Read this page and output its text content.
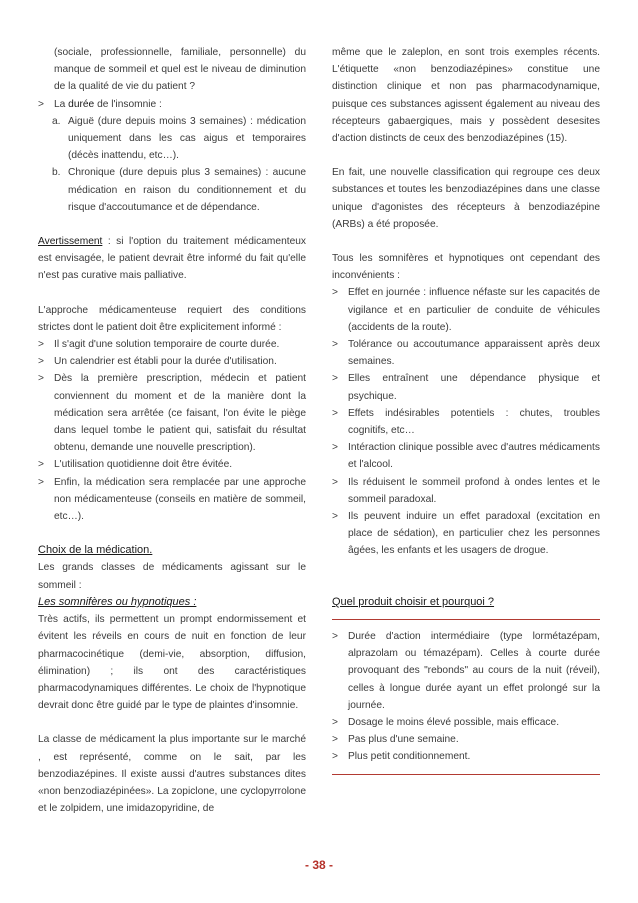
(sociale, professionnelle, familiale, personnelle) du manque de sommeil et quel est le niveau de diminution de la qualité de vie du patient ?
> La durée de l'insomnie :
a. Aiguë (dure depuis moins 3 semaines) : médication uniquement dans les cas aigus et temporaires (décès inattendu, etc…).
b. Chronique (dure depuis plus 3 semaines) : aucune médication en raison du conditionnement et du risque d'accoutumance et de dépendance.

Avertissement : si l'option du traitement médicamenteux est envisagée, le patient devrait être informé du fait qu'elle n'est pas curative mais palliative.

L'approche médicamenteuse requiert des conditions strictes dont le patient doit être explicitement informé :

> Il s'agit d'une solution temporaire de courte durée.
> Un calendrier est établi pour la durée d'utilisation.
> Dès la première prescription, médecin et patient conviennent du moment et de la manière dont la médication sera arrêtée (ce faisant, l'on évite le piège dans lequel tombe le patient qui, satisfait du résultat obtenu, demande une nouvelle prescription).
> L'utilisation quotidienne doit être évitée.
> Enfin, la médication sera remplacée par une approche non médicamenteuse (conseils en matière de sommeil, etc…).
Choix de la médication.

Les grands classes de médicaments agissant sur le sommeil :

Les somnifères ou hypnotiques :

Très actifs, ils permettent un prompt endormissement et évitent les réveils en cours de nuit en fonction de leur pharmacocinétique (demi-vie, absorption, diffusion, élimination) ; ils ont des caractéristiques pharmacodynamiques différentes. Le choix de l'hypnotique devrait donc être guidé par le type de plaintes d'insomnie.

La classe de médicament la plus importante sur le marché , est représenté, comme on le sait, par les benzodiazépines. Il existe aussi d'autres substances dites «non benzodiazépinées». La zopiclone, une cyclopyrrolone et le zolpidem, une imidazopyridine, de

même que le zaleplon, en sont trois exemples récents. L'étiquette «non benzodiazépines» constitue une distinction clinique et non pas pharmacodynamique, puisque ces substances agissent également au niveau des récepteurs gabaergiques, mais y possèdent desesites d'action distincts de ceux des benzodiazépines (15).

En fait, une nouvelle classification qui regroupe ces deux substances et toutes les benzodiazépines dans une classe unique d'agonistes des récepteurs à benzodiazépine (ARBs) a été proposée.

Tous les somnifères et hypnotiques ont cependant des inconvénients :

> Effet en journée : influence néfaste sur les capacités de vigilance et en particulier de conduite de véhicules (accidents de la route).
> Tolérance ou accoutumance apparaissent après deux semaines.
> Elles entraînent une dépendance physique et psychique.
> Effets indésirables potentiels : chutes, troubles cognitifs, etc…
> Intéraction clinique possible avec d'autres médicaments et l'alcool.
> Ils réduisent le sommeil profond à ondes lentes et le sommeil paradoxal.
> Ils peuvent induire un effet paradoxal (excitation en place de sédation), en particulier chez les personnes âgées, les enfants et les usagers de drogue.
Quel produit choisir et pourquoi ?
> Durée d'action intermédiaire (type lormétazépam, alprazolam ou témazépam). Celles à courte durée provoquant des "rebonds" au cours de la nuit (réveil), celles à longue durée ayant un effet prolongé sur la journée.
> Dosage le moins élevé possible, mais efficace.
> Pas plus d'une semaine.
> Plus petit conditionnement.
- 38 -
